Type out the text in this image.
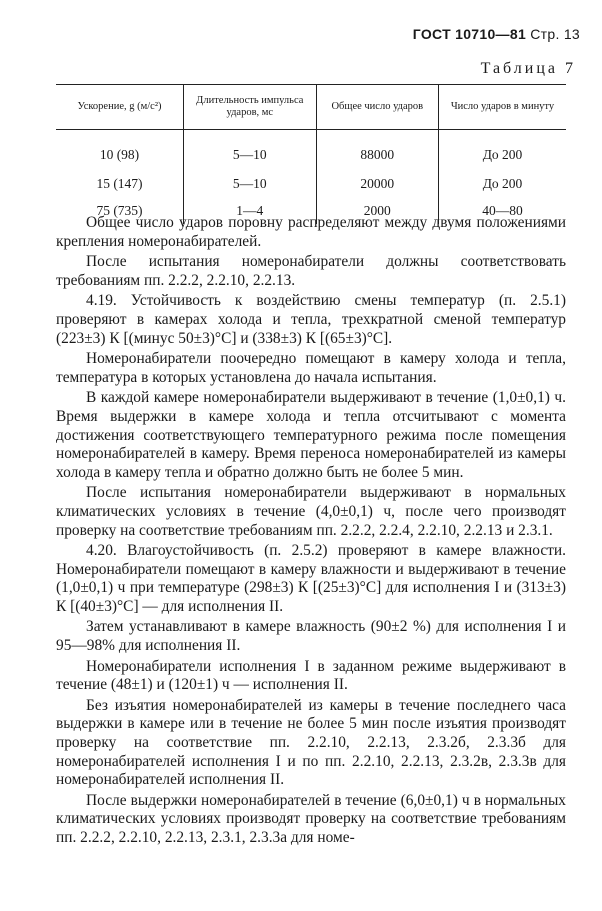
ГОСТ 10710—81 Стр. 13
Таблица 7
Ускорение, g (м/с²)	Длительность импульса ударов, мс	Общее число ударов	Число ударов в минуту
10 (98)	5—10	88000	До 200
15 (147)	5—10	20000	До 200
75 (735)	1—4	2000	40—80

Общее число ударов поровну распределяют между двумя положениями крепления номеронабирателей.

После испытания номеронабиратели должны соответствовать требованиям пп. 2.2.2, 2.2.10, 2.2.13.

4.19. Устойчивость к воздействию смены температур (п. 2.5.1) проверяют в камерах холода и тепла, трехкратной сменой температур (223±3) К [(минус 50±3)°С] и (338±3) К [(65±3)°С].

Номеронабиратели поочередно помещают в камеру холода и тепла, температура в которых установлена до начала испытания.

В каждой камере номеронабиратели выдерживают в течение (1,0±0,1) ч. Время выдержки в камере холода и тепла отсчитывают с момента достижения соответствующего температурного режима после помещения номеронабирателей в камеру. Время переноса номеронабирателей из камеры холода в камеру тепла и обратно должно быть не более 5 мин.

После испытания номеронабиратели выдерживают в нормальных климатических условиях в течение (4,0±0,1) ч, после чего производят проверку на соответствие требованиям пп. 2.2.2, 2.2.4, 2.2.10, 2.2.13 и 2.3.1.

4.20. Влагоустойчивость (п. 2.5.2) проверяют в камере влажности. Номеронабиратели помещают в камеру влажности и выдерживают в течение (1,0±0,1) ч при температуре (298±3) К [(25±3)°С] для исполнения I и (313±3) К [(40±3)°С] — для исполнения II.

Затем устанавливают в камере влажность (90±2 %) для исполнения I и 95—98% для исполнения II.

Номеронабиратели исполнения I в заданном режиме выдерживают в течение (48±1) и (120±1) ч — исполнения II.

Без изъятия номеронабирателей из камеры в течение последнего часа выдержки в камере или в течение не более 5 мин после изъятия производят проверку на соответствие пп. 2.2.10, 2.2.13, 2.3.2б, 2.3.3б для номеронабирателей исполнения I и по пп. 2.2.10, 2.2.13, 2.3.2в, 2.3.3в для номеронабирателей исполнения II.

После выдержки номеронабирателей в течение (6,0±0,1) ч в нормальных климатических условиях производят проверку на соответствие требованиям пп. 2.2.2, 2.2.10, 2.2.13, 2.3.1, 2.3.3а для номе-
